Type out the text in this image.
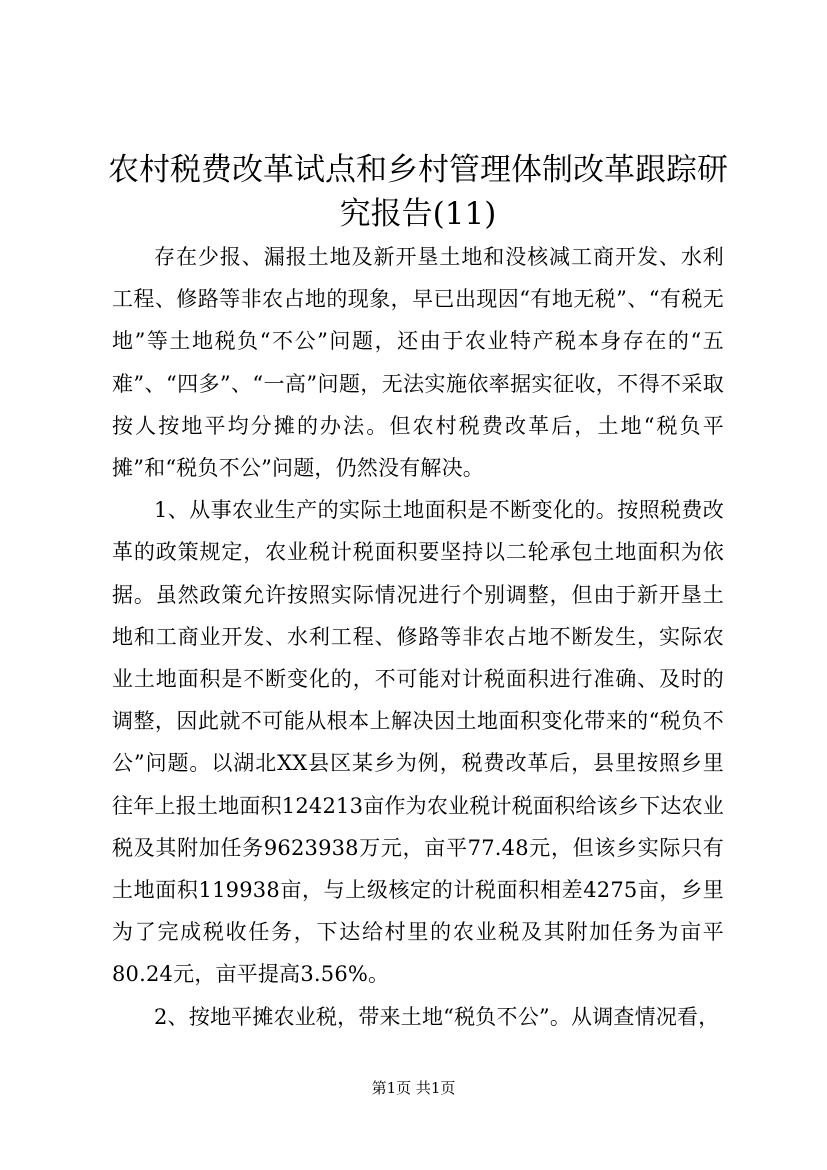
农村税费改革试点和乡村管理体制改革跟踪研究报告(11)

存在少报、漏报土地及新开垦土地和没核减工商开发、水利工程、修路等非农占地的现象，早已出现因“有地无税”、“有税无地”等土地税负“不公”问题，还由于农业特产税本身存在的“五难”、“四多”、“一高”问题，无法实施依率据实征收，不得不采取按人按地平均分摊的办法。但农村税费改革后，土地“税负平摊”和“税负不公”问题，仍然没有解决。

1、从事农业生产的实际土地面积是不断变化的。按照税费改革的政策规定，农业税计税面积要坚持以二轮承包土地面积为依据。虽然政策允许按照实际情况进行个别调整，但由于新开垦土地和工商业开发、水利工程、修路等非农占地不断发生，实际农业土地面积是不断变化的，不可能对计税面积进行准确、及时的调整，因此就不可能从根本上解决因土地面积变化带来的“税负不公”问题。以湖北XX县区某乡为例，税费改革后，县里按照乡里往年上报土地面积124213亩作为农业税计税面积给该乡下达农业税及其附加任务9623938万元，亩平77.48元，但该乡实际只有土地面积119938亩，与上级核定的计税面积相差4275亩，乡里为了完成税收任务，下达给村里的农业税及其附加任务为亩平80.24元，亩平提高3.56%。

2、按地平摊农业税，带来土地“税负不公”。从调查情况看，

第1页 共1页
